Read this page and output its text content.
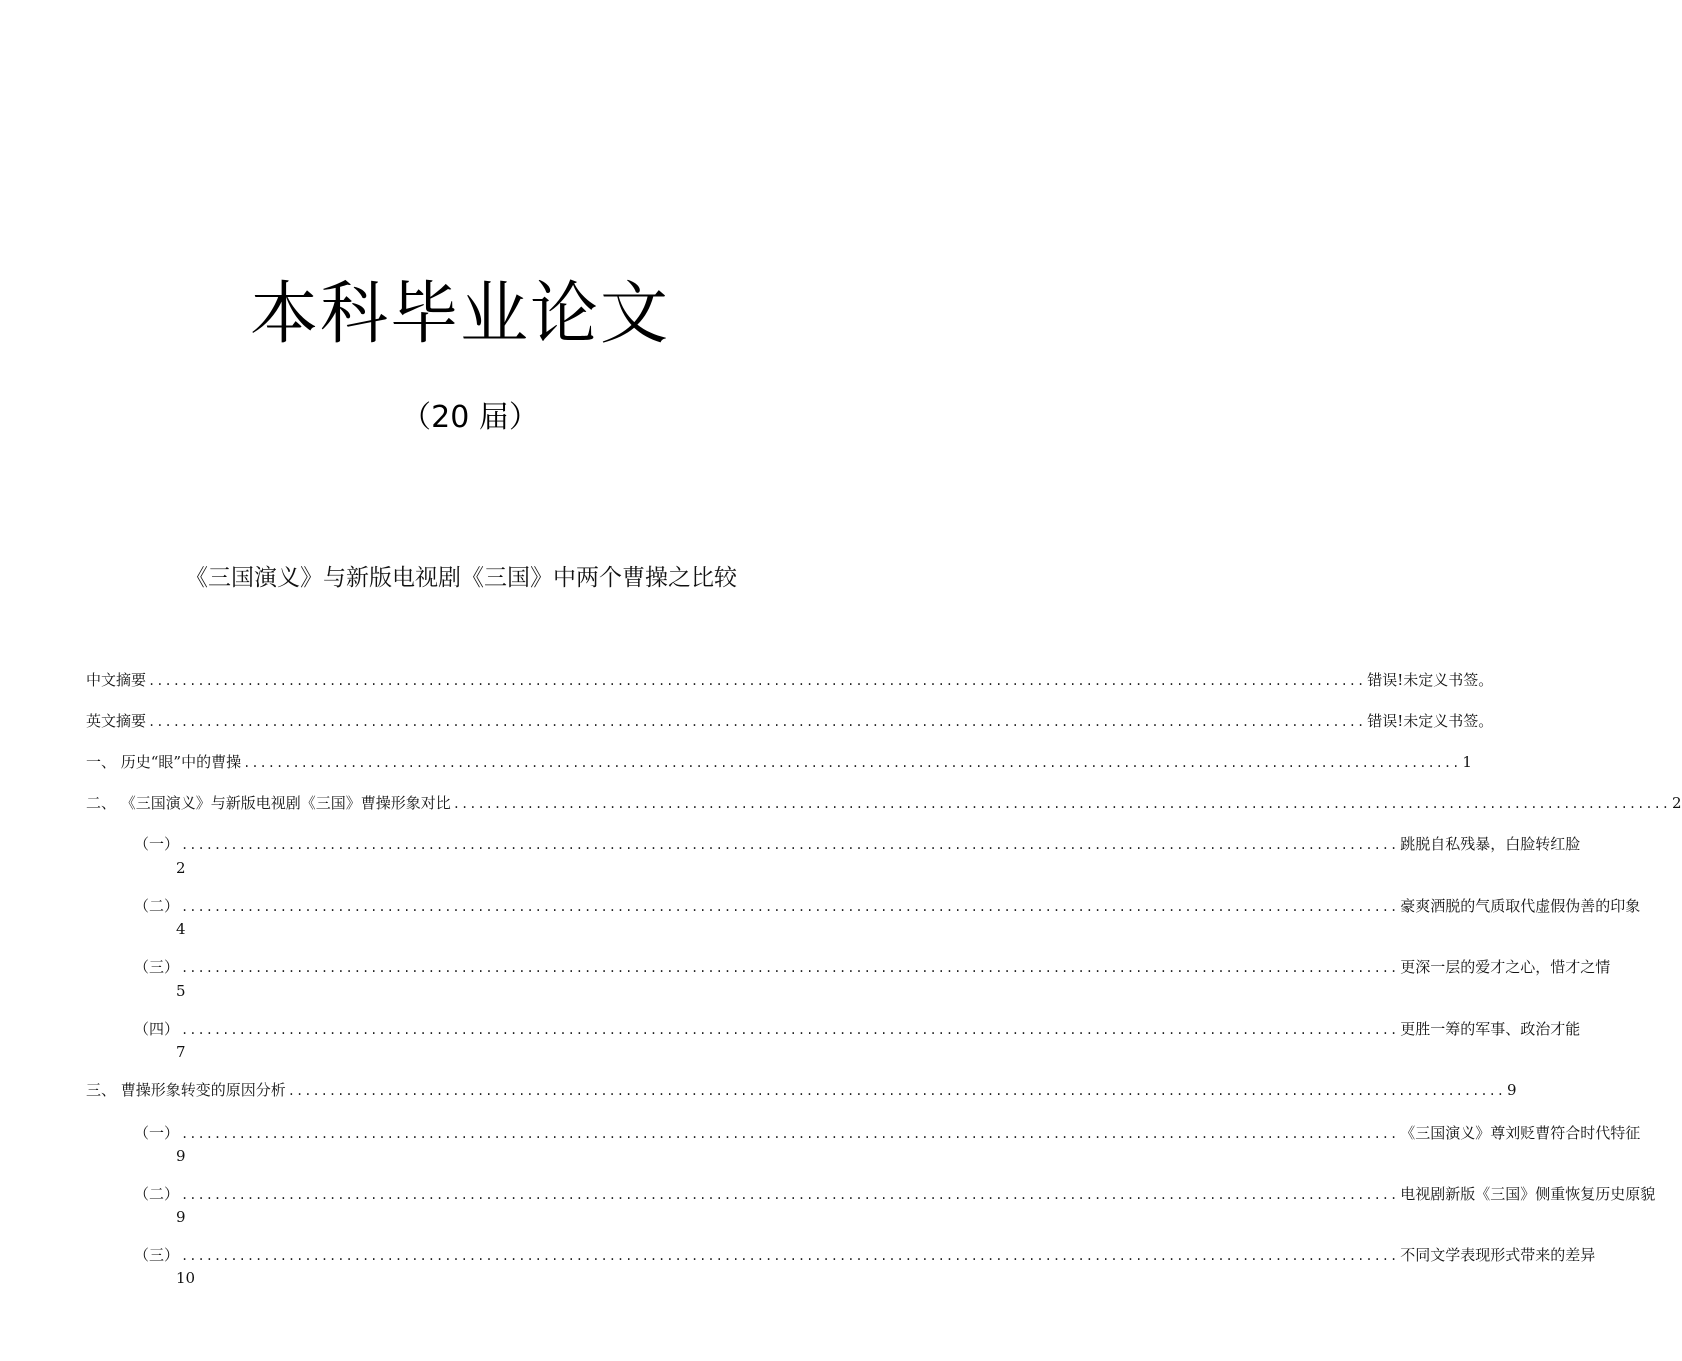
本科毕业论文
（20 届）
《三国演义》与新版电视剧《三国》中两个曹操之比较
中文摘要 .................................................................................................................................................... 错误!未定义书签。
英文摘要 .................................................................................................................................................... 错误!未定义书签。
一、 历史“眼”中的曹操 .................................................................................................................................................... 1
二、 《三国演义》与新版电视剧《三国》曹操形象对比 .................................................................................................................................................... 2
（一） .................................................................................................................................................... 跳脱自私残暴，白脸转红脸
2
（二） .................................................................................................................................................... 豪爽洒脱的气质取代虚假伪善的印象
4
（三） .................................................................................................................................................... 更深一层的爱才之心，惜才之情
5
（四） .................................................................................................................................................... 更胜一筹的军事、政治才能
7
三、 曹操形象转变的原因分析 .................................................................................................................................................... 9
（一） .................................................................................................................................................... 《三国演义》尊刘贬曹符合时代特征
9
（二） .................................................................................................................................................... 电视剧新版《三国》侧重恢复历史原貌
9
（三） .................................................................................................................................................... 不同文学表现形式带来的差异
10
